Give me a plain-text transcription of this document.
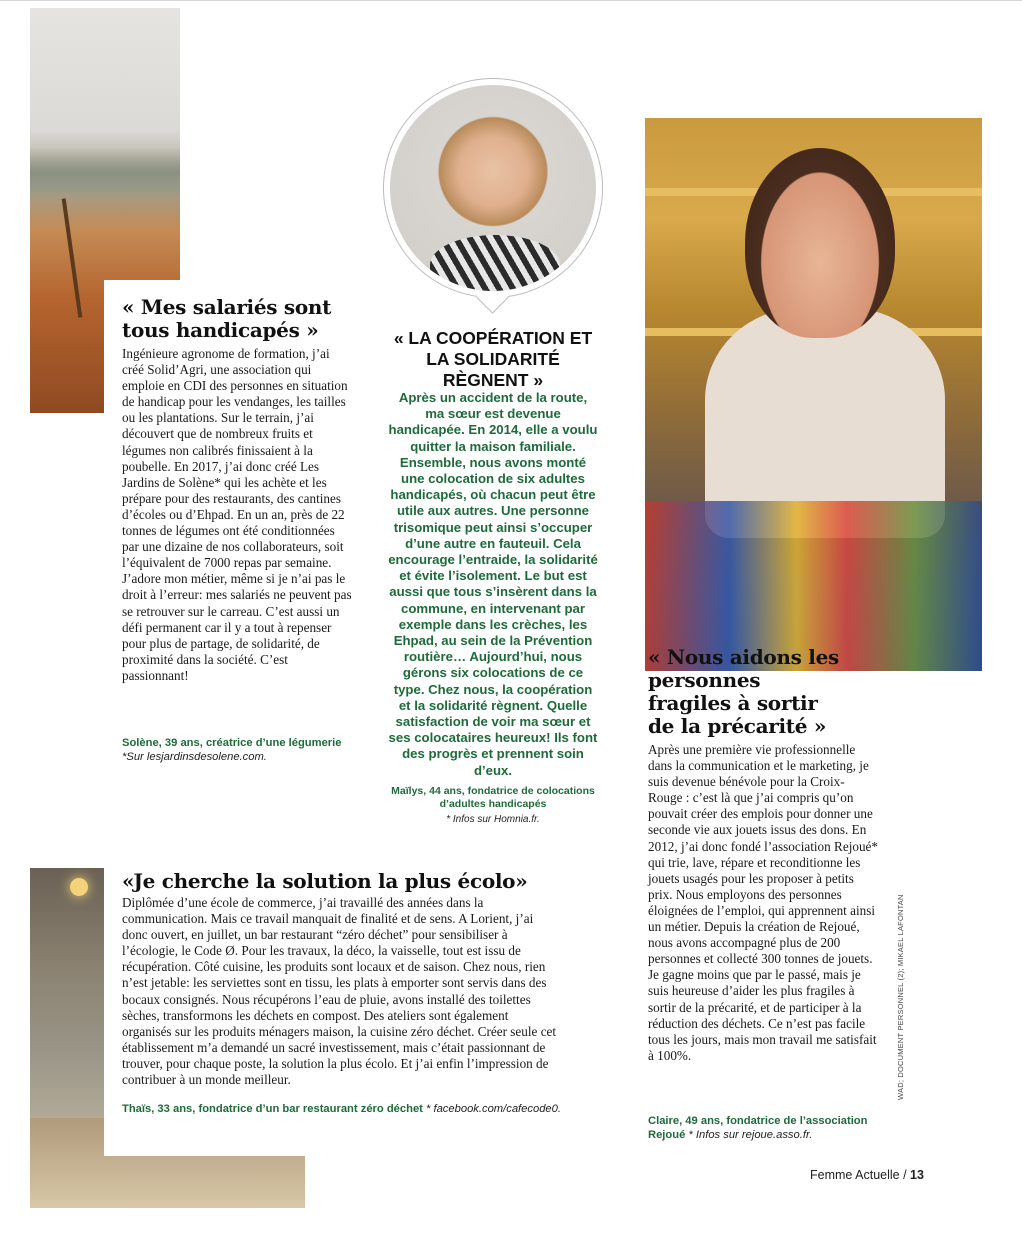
« Mes salariés sont tous handicapés »
Ingénieure agronome de formation, j’ai créé Solid’Agri, une association qui emploie en CDI des personnes en situation de handicap pour les vendanges, les tailles ou les plantations. Sur le terrain, j’ai découvert que de nombreux fruits et légumes non calibrés finissaient à la poubelle. En 2017, j’ai donc créé Les Jardins de Solène* qui les achète et les prépare pour des restaurants, des cantines d’écoles ou d’Ehpad. En un an, près de 22 tonnes de légumes ont été conditionnées par une dizaine de nos collaborateurs, soit l’équivalent de 7000 repas par semaine. J’adore mon métier, même si je n’ai pas le droit à l’erreur: mes salariés ne peuvent pas se retrouver sur le carreau. C’est aussi un défi permanent car il y a tout à repenser pour plus de partage, de solidarité, de proximité dans la société. C’est passionnant!
Solène, 39 ans, créatrice d’une légumerie *Sur lesjardinsdesolene.com.
« LA COOPÉRATION ET LA SOLIDARITÉ RÈGNENT »
Après un accident de la route, ma sœur est devenue handicapée. En 2014, elle a voulu quitter la maison familiale. Ensemble, nous avons monté une colocation de six adultes handicapés, où chacun peut être utile aux autres. Une personne trisomique peut ainsi s’occuper d’une autre en fauteuil. Cela encourage l’entraide, la solidarité et évite l’isolement. Le but est aussi que tous s’insèrent dans la commune, en intervenant par exemple dans les crèches, les Ehpad, au sein de la Prévention routière… Aujourd’hui, nous gérons six colocations de ce type. Chez nous, la coopération et la solidarité règnent. Quelle satisfaction de voir ma sœur et ses colocataires heureux! Ils font des progrès et prennent soin d’eux.
Maïlys, 44 ans, fondatrice de colocations d’adultes handicapés
* Infos sur Homnia.fr.
« Nous aidons les personnes fragiles à sortir de la précarité »
Après une première vie professionnelle dans la communication et le marketing, je suis devenue bénévole pour la Croix-Rouge : c’est là que j’ai compris qu’on pouvait créer des emplois pour donner une seconde vie aux jouets issus des dons. En 2012, j’ai donc fondé l’association Rejoué* qui trie, lave, répare et reconditionne les jouets usagés pour les proposer à petits prix. Nous employons des personnes éloignées de l’emploi, qui apprennent ainsi un métier. Depuis la création de Rejoué, nous avons accompagné plus de 200 personnes et collecté 300 tonnes de jouets. Je gagne moins que par le passé, mais je suis heureuse d’aider les plus fragiles à sortir de la précarité, et de participer à la réduction des déchets. Ce n’est pas facile tous les jours, mais mon travail me satisfait à 100%.
Claire, 49 ans, fondatrice de l’association Rejoué * Infos sur rejoue.asso.fr.
«Je cherche la solution la plus écolo»
Diplômée d’une école de commerce, j’ai travaillé des années dans la communication. Mais ce travail manquait de finalité et de sens. A Lorient, j’ai donc ouvert, en juillet, un bar restaurant “zéro déchet” pour sensibiliser à l’écologie, le Code Ø. Pour les travaux, la déco, la vaisselle, tout est issu de récupération. Côté cuisine, les produits sont locaux et de saison. Chez nous, rien n’est jetable: les serviettes sont en tissu, les plats à emporter sont servis dans des bocaux consignés. Nous récupérons l’eau de pluie, avons installé des toilettes sèches, transformons les déchets en compost. Des ateliers sont également organisés sur les produits ménagers maison, la cuisine zéro déchet. Créer seule cet établissement m’a demandé un sacré investissement, mais c’était passionnant de trouver, pour chaque poste, la solution la plus écolo. Et j’ai enfin l’impression de contribuer à un monde meilleur.
Thaïs, 33 ans, fondatrice d’un bar restaurant zéro déchet * facebook.com/cafecode0.
WAD; DOCUMENT PERSONNEL (2); MIKAEL LAFONTAN
Femme Actuelle / 13
